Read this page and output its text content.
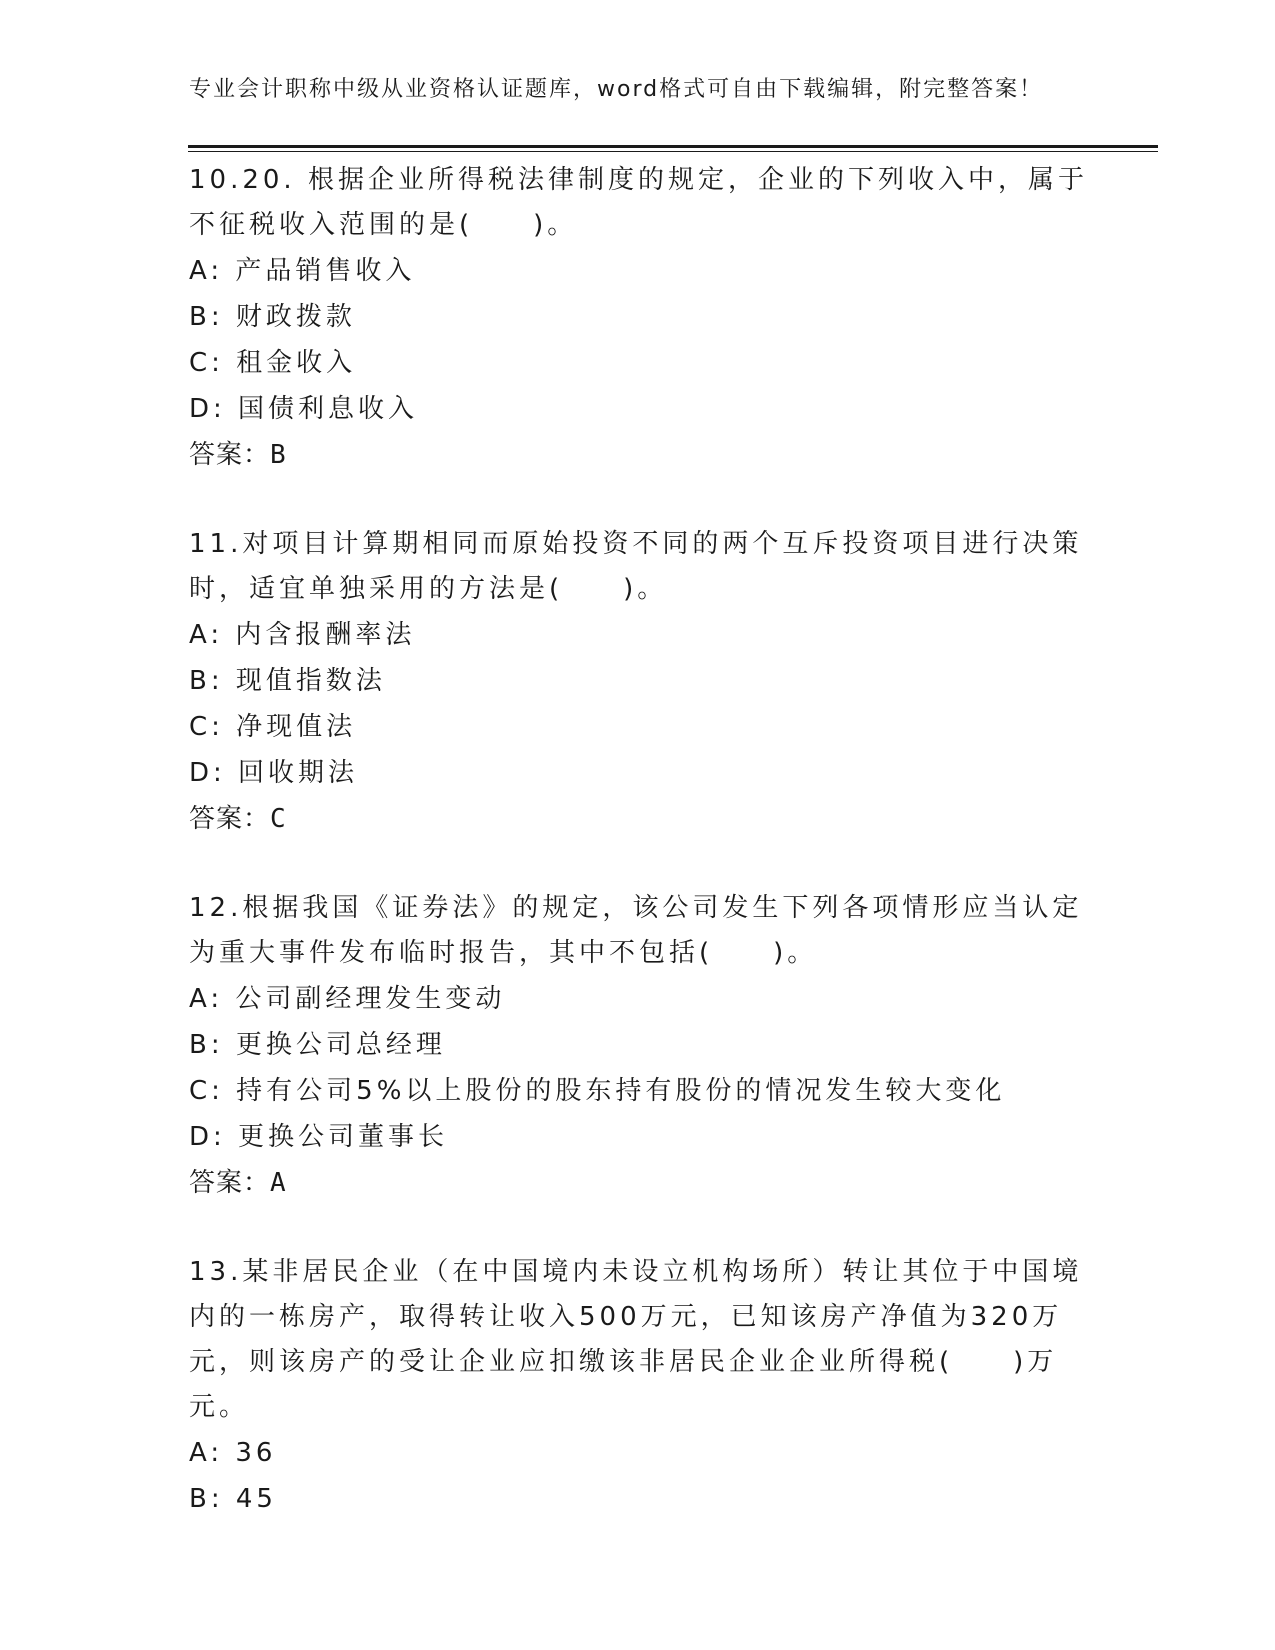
专业会计职称中级从业资格认证题库，word格式可自由下载编辑，附完整答案！
10.20. 根据企业所得税法律制度的规定，企业的下列收入中，属于不征税收入范围的是(　　)。
A: 产品销售收入
B: 财政拨款
C: 租金收入
D: 国债利息收入
答案：B
11.对项目计算期相同而原始投资不同的两个互斥投资项目进行决策时，适宜单独采用的方法是(　　)。
A: 内含报酬率法
B: 现值指数法
C: 净现值法
D: 回收期法
答案：C
12.根据我国《证券法》的规定，该公司发生下列各项情形应当认定为重大事件发布临时报告，其中不包括(　　)。
A: 公司副经理发生变动
B: 更换公司总经理
C: 持有公司5%以上股份的股东持有股份的情况发生较大变化
D: 更换公司董事长
答案：A
13.某非居民企业（在中国境内未设立机构场所）转让其位于中国境内的一栋房产，取得转让收入500万元，已知该房产净值为320万元，则该房产的受让企业应扣缴该非居民企业企业所得税(　　)万元。
A: 36
B: 45
